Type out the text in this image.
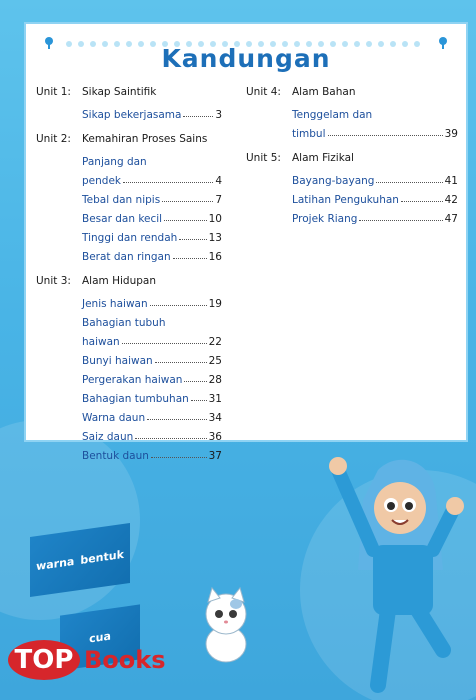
Kandungan
Unit 1:	Sikap Saintifik
Sikap bekerjasama	3
Unit 2:	Kemahiran Proses Sains
Panjang dan
pendek	4
Tebal dan nipis	7
Besar dan kecil	10
Tinggi dan rendah	13
Berat dan ringan	16
Unit 3:	Alam Hidupan
Jenis haiwan	19
Bahagian tubuh
haiwan	22
Bunyi haiwan	25
Pergerakan haiwan 28
Bahagian tumbuhan 31
Warna daun	34
Saiz daun	36
Bentuk daun	37
Unit 4:	Alam Bahan
Tenggelam dan
timbul	39
Unit 5:	Alam Fizikal
Bayang-bayang	41
Latihan Pengukuhan	42
Projek Riang	47
warna bentuk
cua
TOP Books
